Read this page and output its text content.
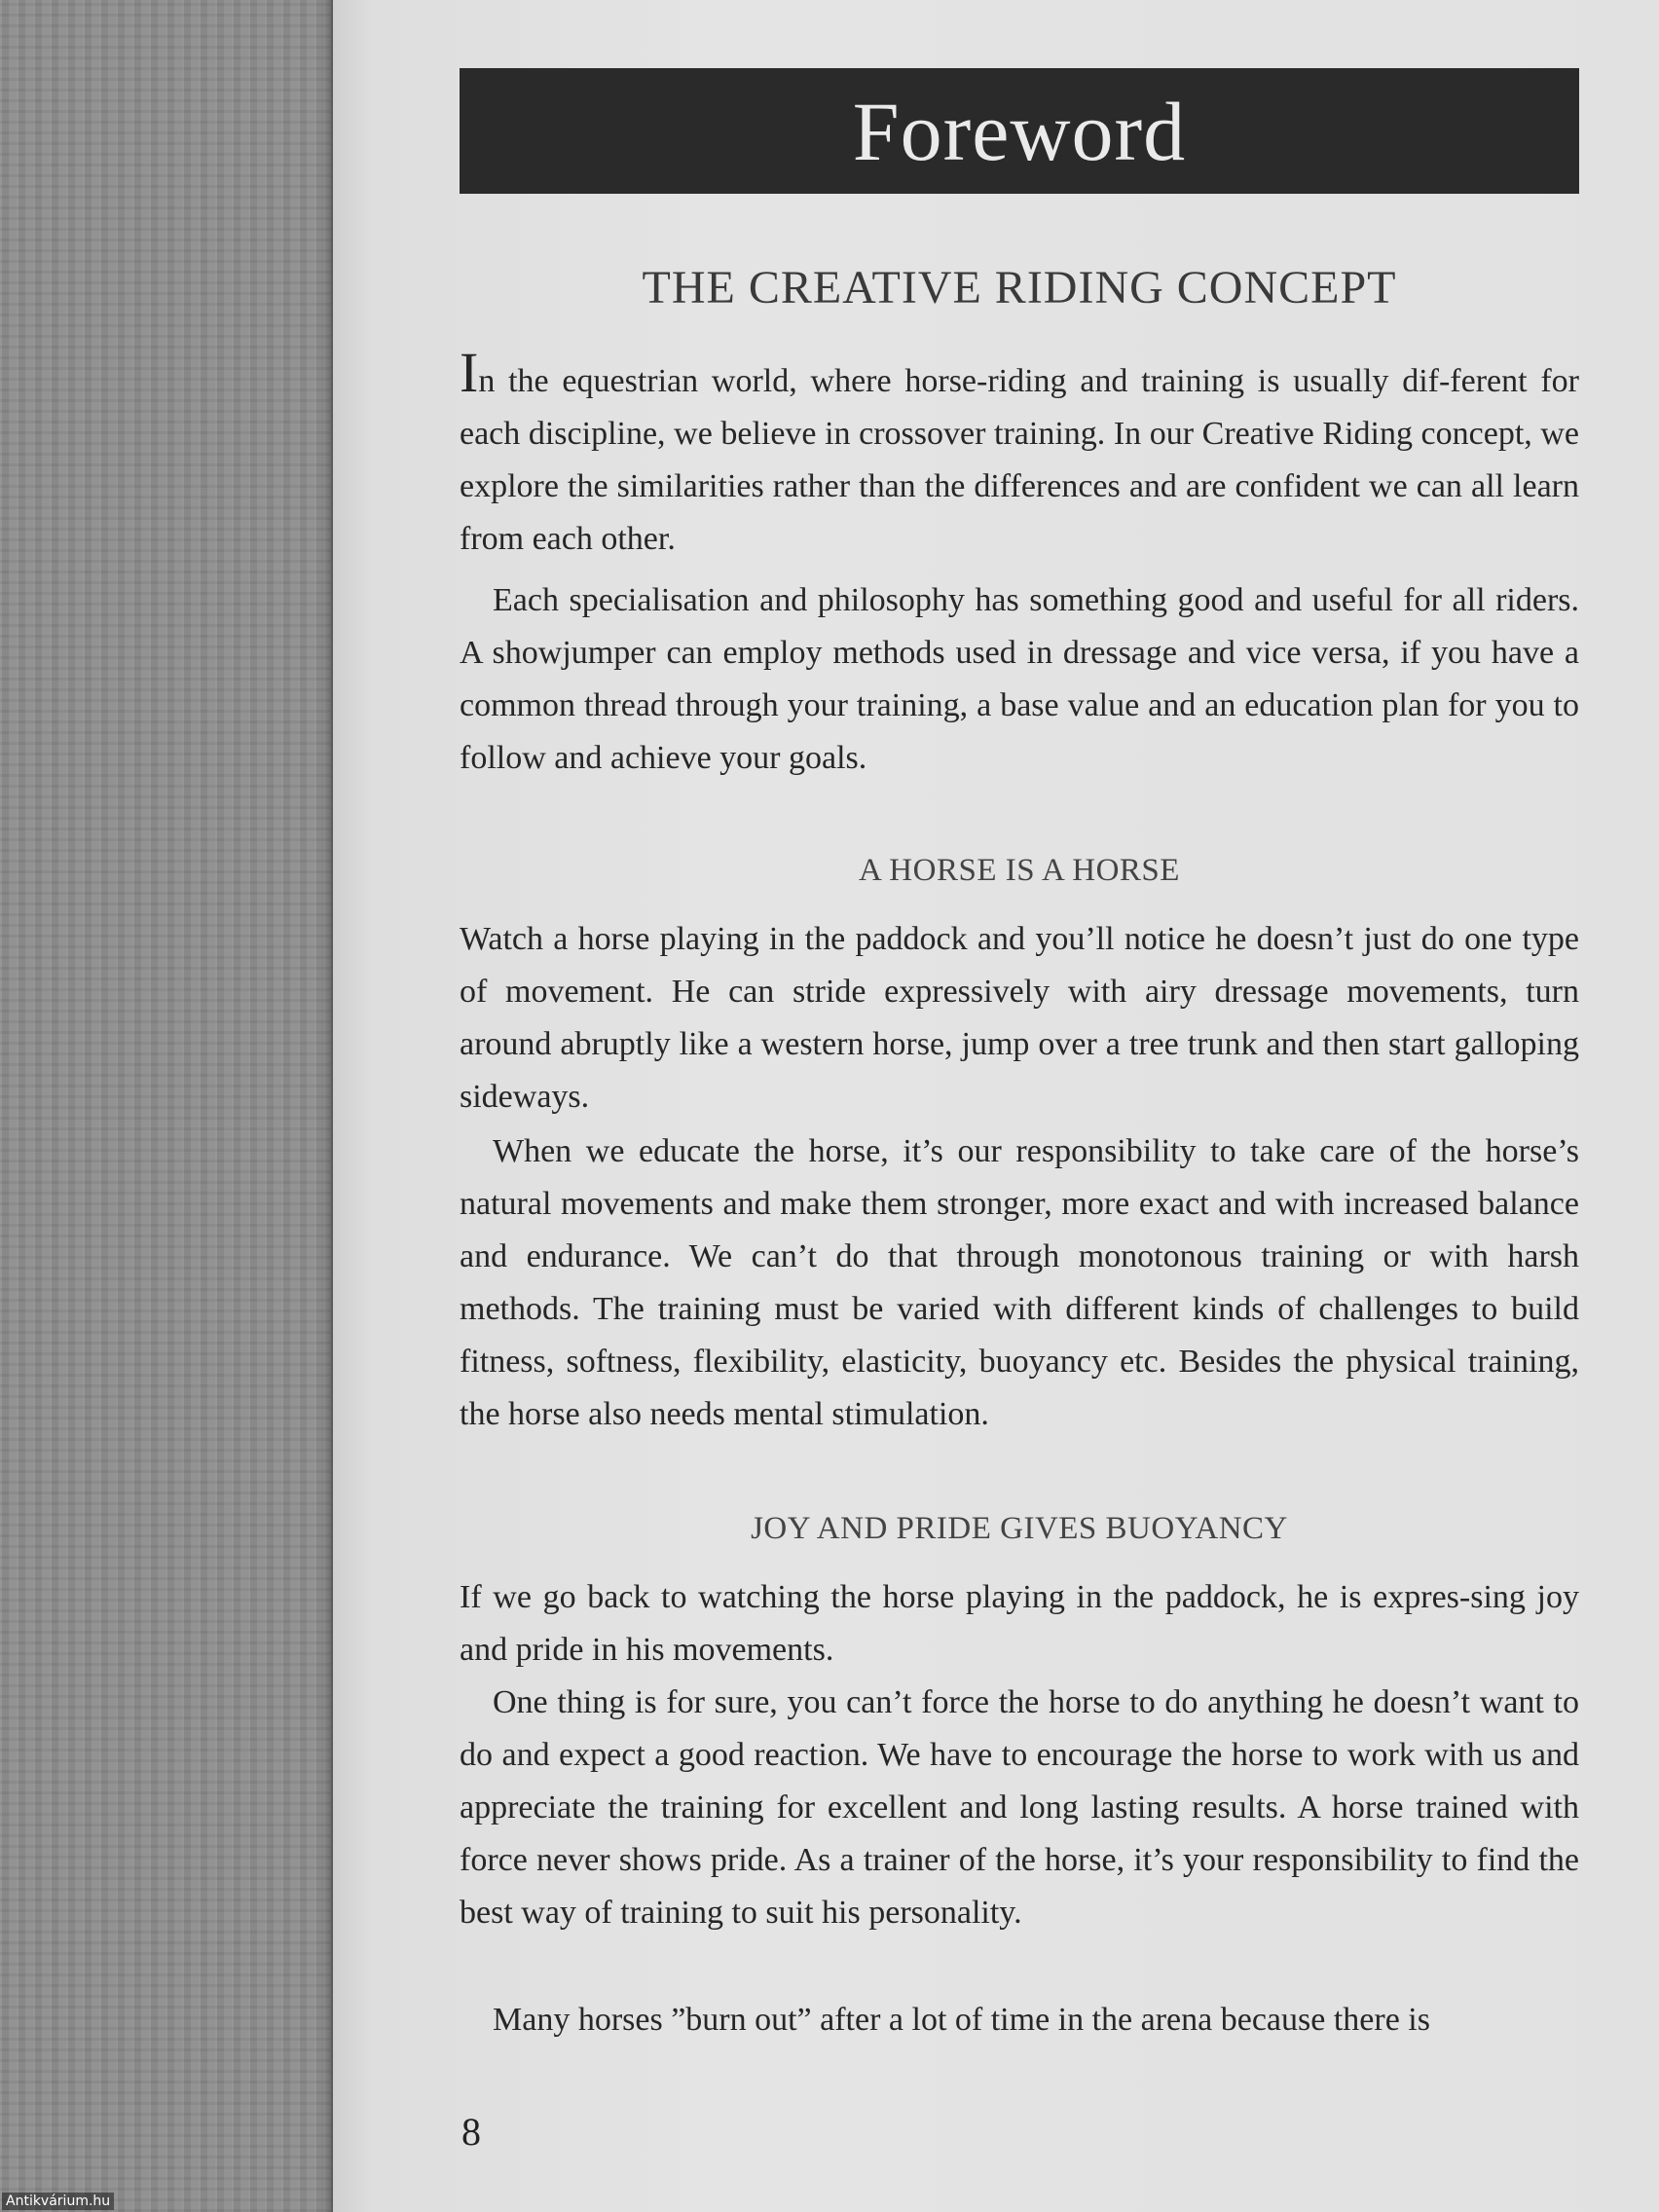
Foreword
THE CREATIVE RIDING CONCEPT

In the equestrian world, where horse-riding and training is usually dif-ferent for each discipline, we believe in crossover training. In our Creative Riding concept, we explore the similarities rather than the differences and are confident we can all learn from each other.

Each specialisation and philosophy has something good and useful for all riders. A showjumper can employ methods used in dressage and vice versa, if you have a common thread through your training, a base value and an education plan for you to follow and achieve your goals.

A HORSE IS A HORSE

Watch a horse playing in the paddock and you’ll notice he doesn’t just do one type of movement. He can stride expressively with airy dressage movements, turn around abruptly like a western horse, jump over a tree trunk and then start galloping sideways.

When we educate the horse, it’s our responsibility to take care of the horse’s natural movements and make them stronger, more exact and with increased balance and endurance. We can’t do that through monotonous training or with harsh methods. The training must be varied with different kinds of challenges to build fitness, softness, flexibility, elasticity, buoyancy etc. Besides the physical training, the horse also needs mental stimulation.

JOY AND PRIDE GIVES BUOYANCY

If we go back to watching the horse playing in the paddock, he is expres-sing joy and pride in his movements.

One thing is for sure, you can’t force the horse to do anything he doesn’t want to do and expect a good reaction. We have to encourage the horse to work with us and appreciate the training for excellent and long lasting results. A horse trained with force never shows pride. As a trainer of the horse, it’s your responsibility to find the best way of training to suit his personality.

Many horses ”burn out” after a lot of time in the arena because there is

8
Antikvárium.hu
